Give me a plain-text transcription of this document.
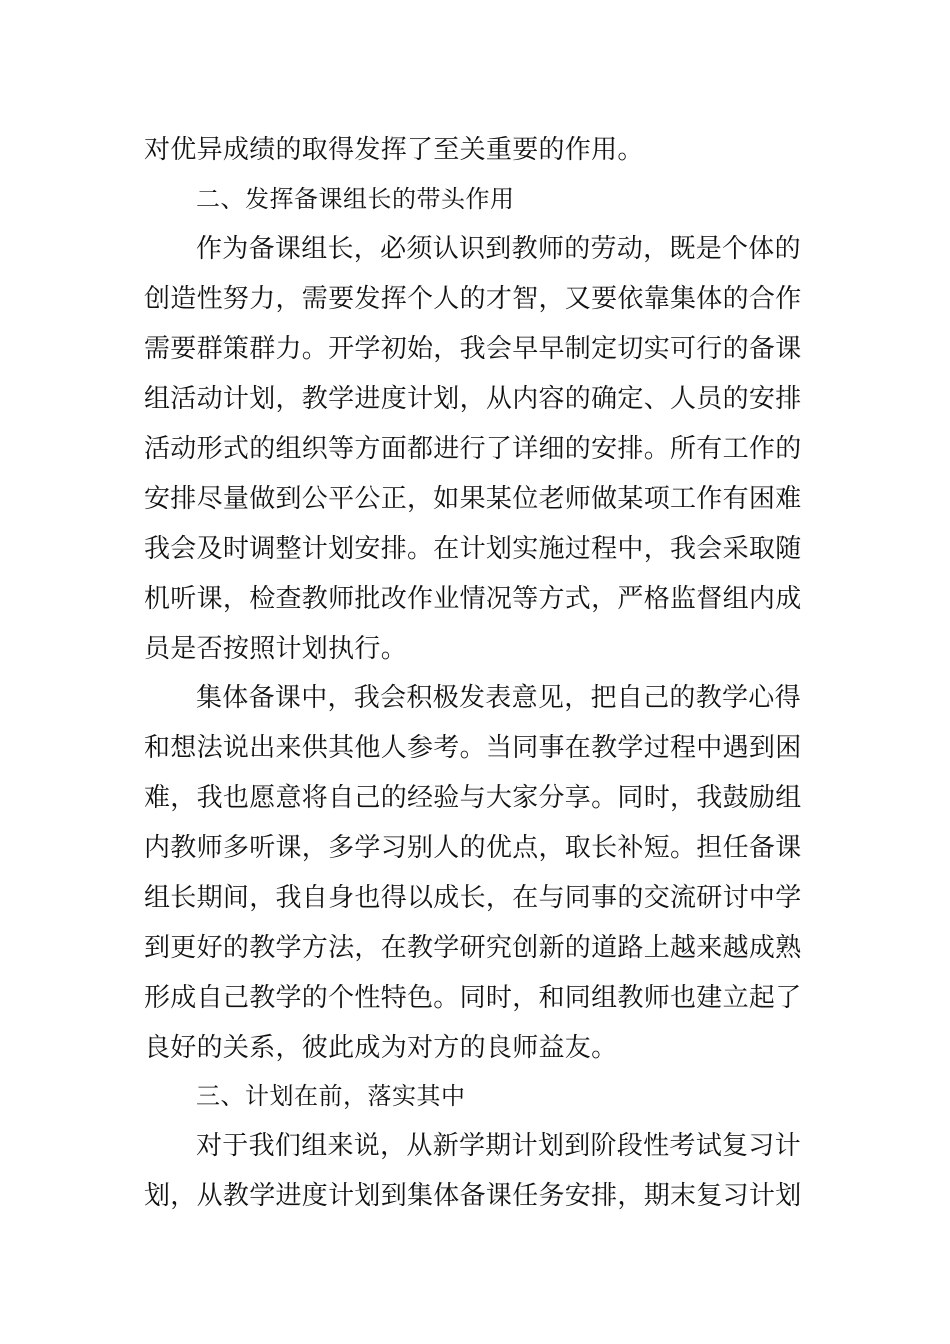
对优异成绩的取得发挥了至关重要的作用。
二、发挥备课组长的带头作用
作为备课组长，必须认识到教师的劳动，既是个体的
创造性努力，需要发挥个人的才智，又要依靠集体的合作
需要群策群力。开学初始，我会早早制定切实可行的备课
组活动计划，教学进度计划，从内容的确定、人员的安排
活动形式的组织等方面都进行了详细的安排。所有工作的
安排尽量做到公平公正，如果某位老师做某项工作有困难
我会及时调整计划安排。在计划实施过程中，我会采取随
机听课，检查教师批改作业情况等方式，严格监督组内成
员是否按照计划执行。
集体备课中，我会积极发表意见，把自己的教学心得
和想法说出来供其他人参考。当同事在教学过程中遇到困
难，我也愿意将自己的经验与大家分享。同时，我鼓励组
内教师多听课，多学习别人的优点，取长补短。担任备课
组长期间，我自身也得以成长，在与同事的交流研讨中学
到更好的教学方法，在教学研究创新的道路上越来越成熟
形成自己教学的个性特色。同时，和同组教师也建立起了
良好的关系，彼此成为对方的良师益友。
三、计划在前，落实其中
对于我们组来说，从新学期计划到阶段性考试复习计
划，从教学进度计划到集体备课任务安排，期末复习计划
